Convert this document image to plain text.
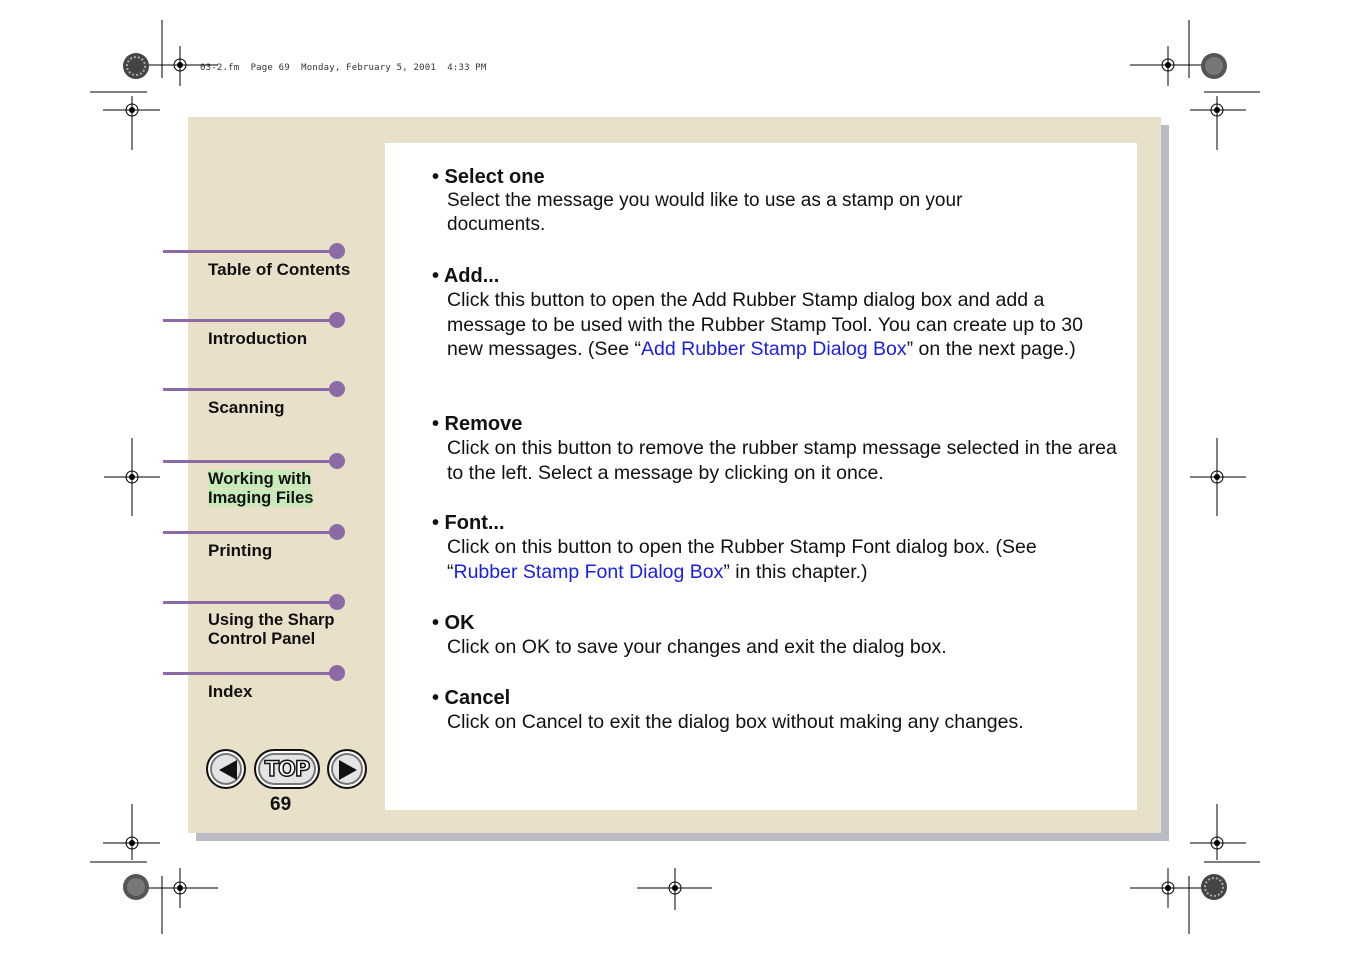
03-2.fm  Page 69  Monday, February 5, 2001  4:33 PM
Table of Contents
Introduction
Scanning
Working with
Imaging Files
Printing
Using the Sharp
Control Panel
Index
TOP
69
• Select one
Select the message you would like to use as a stamp on your documents.
• Add...
Click this button to open the Add Rubber Stamp dialog box and add a message to be used with the Rubber Stamp Tool. You can create up to 30 new messages. (See “Add Rubber Stamp Dialog Box” on the next page.)
• Remove
Click on this button to remove the rubber stamp message selected in the area to the left. Select a message by clicking on it once.
• Font...
Click on this button to open the Rubber Stamp Font dialog box. (See “Rubber Stamp Font Dialog Box” in this chapter.)
• OK
Click on OK to save your changes and exit the dialog box.
• Cancel
Click on Cancel to exit the dialog box without making any changes.
